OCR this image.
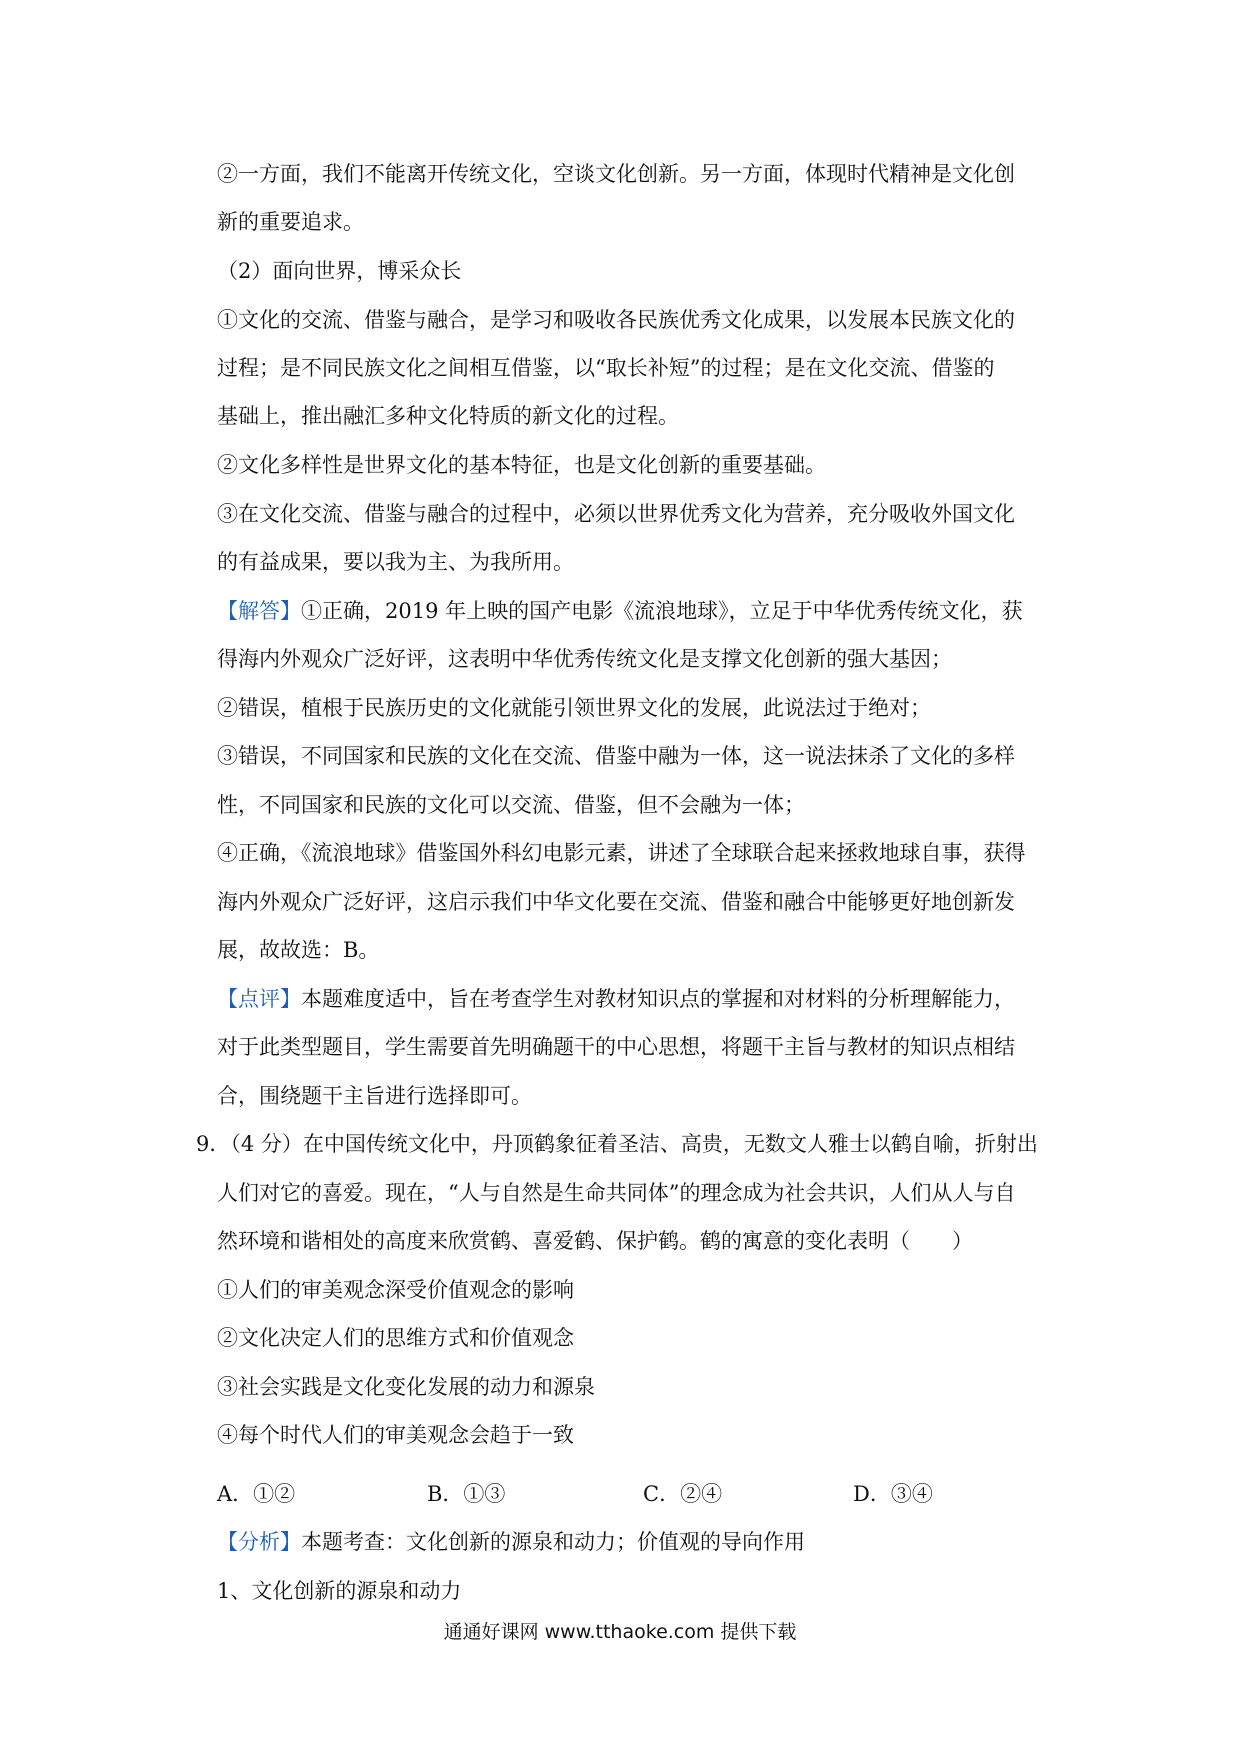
②一方面，我们不能离开传统文化，空谈文化创新。另一方面，体现时代精神是文化创
新的重要追求。
（2）面向世界，博采众长
①文化的交流、借鉴与融合，是学习和吸收各民族优秀文化成果，以发展本民族文化的
过程；是不同民族文化之间相互借鉴，以“取长补短”的过程；是在文化交流、借鉴的
基础上，推出融汇多种文化特质的新文化的过程。
②文化多样性是世界文化的基本特征，也是文化创新的重要基础。
③在文化交流、借鉴与融合的过程中，必须以世界优秀文化为营养，充分吸收外国文化
的有益成果，要以我为主、为我所用。
【解答】①正确，2019 年上映的国产电影《流浪地球》，立足于中华优秀传统文化，获
得海内外观众广泛好评，这表明中华优秀传统文化是支撑文化创新的强大基因；
②错误，植根于民族历史的文化就能引领世界文化的发展，此说法过于绝对；
③错误，不同国家和民族的文化在交流、借鉴中融为一体，这一说法抹杀了文化的多样
性，不同国家和民族的文化可以交流、借鉴，但不会融为一体；
④正确，《流浪地球》借鉴国外科幻电影元素，讲述了全球联合起来拯救地球自事，获得
海内外观众广泛好评，这启示我们中华文化要在交流、借鉴和融合中能够更好地创新发
展，故故选：B。
【点评】本题难度适中，旨在考查学生对教材知识点的掌握和对材料的分析理解能力，
对于此类型题目，学生需要首先明确题干的中心思想，将题干主旨与教材的知识点相结
合，围绕题干主旨进行选择即可。
9．（4 分）在中国传统文化中，丹顶鹤象征着圣洁、高贵，无数文人雅士以鹤自喻，折射出
人们对它的喜爱。现在，“人与自然是生命共同体”的理念成为社会共识，人们从人与自
然环境和谐相处的高度来欣赏鹤、喜爱鹤、保护鹤。鹤的寓意的变化表明（　　）
①人们的审美观念深受价值观念的影响
②文化决定人们的思维方式和价值观念
③社会实践是文化变化发展的动力和源泉
④每个时代人们的审美观念会趋于一致
A．①②	B．①③	C．②④	D．③④
【分析】本题考查：文化创新的源泉和动力；价值观的导向作用
1、文化创新的源泉和动力
通通好课网 www.tthaoke.com 提供下载
